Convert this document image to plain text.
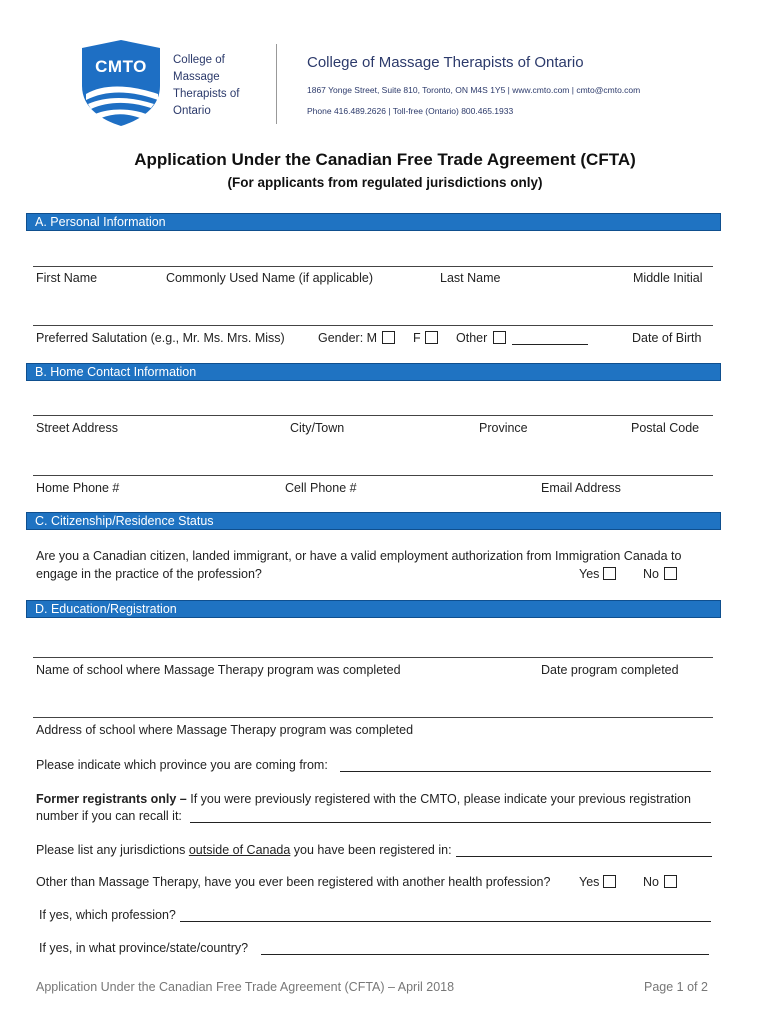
CMTO	College of
Massage
Therapists of
Ontario
College of Massage Therapists of Ontario
1867 Yonge Street, Suite 810, Toronto, ON M4S 1Y5 | www.cmto.com | cmto@cmto.com
Phone 416.489.2626 | Toll-free (Ontario) 800.465.1933
Application Under the Canadian Free Trade Agreement (CFTA)
(For applicants from regulated jurisdictions only)
A. Personal Information
First Name	Commonly Used Name (if applicable)	Last Name	Middle Initial
Preferred Salutation (e.g., Mr. Ms. Mrs. Miss)	Gender: M	F	Other	Date of Birth
B. Home Contact Information
Street Address	City/Town	Province	Postal Code
Home Phone #	Cell Phone #	Email Address
C. Citizenship/Residence Status
Are you a Canadian citizen, landed immigrant, or have a valid employment authorization from Immigration Canada to
engage in the practice of the profession?	Yes	No
D. Education/Registration
Name of school where Massage Therapy program was completed	Date program completed
Address of school where Massage Therapy program was completed
Please indicate which province you are coming from:
Former registrants only – If you were previously registered with the CMTO, please indicate your previous registration
number if you can recall it:
Please list any jurisdictions outside of Canada you have been registered in:
Other than Massage Therapy, have you ever been registered with another health profession? Yes	No
If yes, which profession?
If yes, in what province/state/country?
Application Under the Canadian Free Trade Agreement (CFTA) – April 2018	Page 1 of 2
